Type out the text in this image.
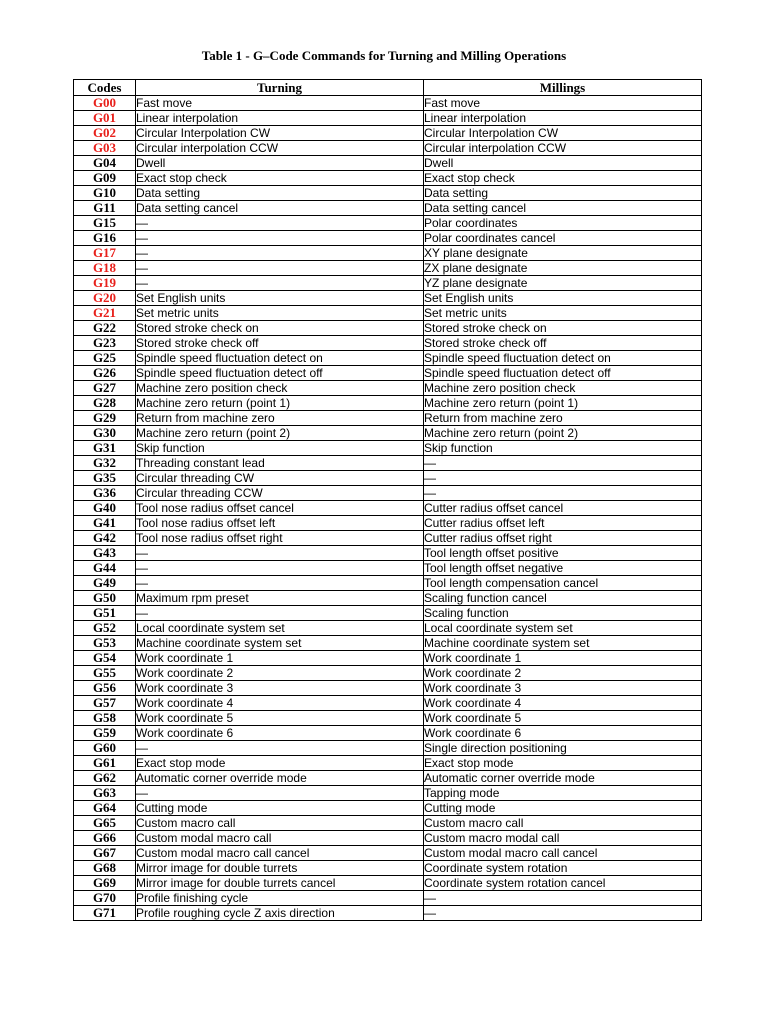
Table 1 - G–Code Commands for Turning and Milling Operations
Codes	Turning	Millings
G00	Fast move	Fast move
G01	Linear interpolation	Linear interpolation
G02	Circular Interpolation CW	Circular Interpolation CW
G03	Circular interpolation CCW	Circular interpolation CCW
G04	Dwell	Dwell
G09	Exact stop check	Exact stop check
G10	Data setting	Data setting
G11	Data setting cancel	Data setting cancel
G15	—	Polar coordinates
G16	—	Polar coordinates cancel
G17	—	XY plane designate
G18	—	ZX plane designate
G19	—	YZ plane designate
G20	Set English units	Set English units
G21	Set metric units	Set metric units
G22	Stored stroke check on	Stored stroke check on
G23	Stored stroke check off	Stored stroke check off
G25	Spindle speed fluctuation detect on	Spindle speed fluctuation detect on
G26	Spindle speed fluctuation detect off	Spindle speed fluctuation detect off
G27	Machine zero position check	Machine zero position check
G28	Machine zero return (point 1)	Machine zero return (point 1)
G29	Return from machine zero	Return from machine zero
G30	Machine zero return (point 2)	Machine zero return (point 2)
G31	Skip function	Skip function
G32	Threading constant lead	—
G35	Circular threading CW	—
G36	Circular threading CCW	—
G40	Tool nose radius offset cancel	Cutter radius offset cancel
G41	Tool nose radius offset left	Cutter radius offset left
G42	Tool nose radius offset right	Cutter radius offset right
G43	—	Tool length offset positive
G44	—	Tool length offset negative
G49	—	Tool length compensation cancel
G50	Maximum rpm preset	Scaling function cancel
G51	—	Scaling function
G52	Local coordinate system set	Local coordinate system set
G53	Machine coordinate system set	Machine coordinate system set
G54	Work coordinate 1	Work coordinate 1
G55	Work coordinate 2	Work coordinate 2
G56	Work coordinate 3	Work coordinate 3
G57	Work coordinate 4	Work coordinate 4
G58	Work coordinate 5	Work coordinate 5
G59	Work coordinate 6	Work coordinate 6
G60	—	Single direction positioning
G61	Exact stop mode	Exact stop mode
G62	Automatic corner override mode	Automatic corner override mode
G63	—	Tapping mode
G64	Cutting mode	Cutting mode
G65	Custom macro call	Custom macro call
G66	Custom modal macro call	Custom macro modal call
G67	Custom modal macro call cancel	Custom modal macro call cancel
G68	Mirror image for double turrets	Coordinate system rotation
G69	Mirror image for double turrets cancel	Coordinate system rotation cancel
G70	Profile finishing cycle	—
G71	Profile roughing cycle Z axis direction	—
